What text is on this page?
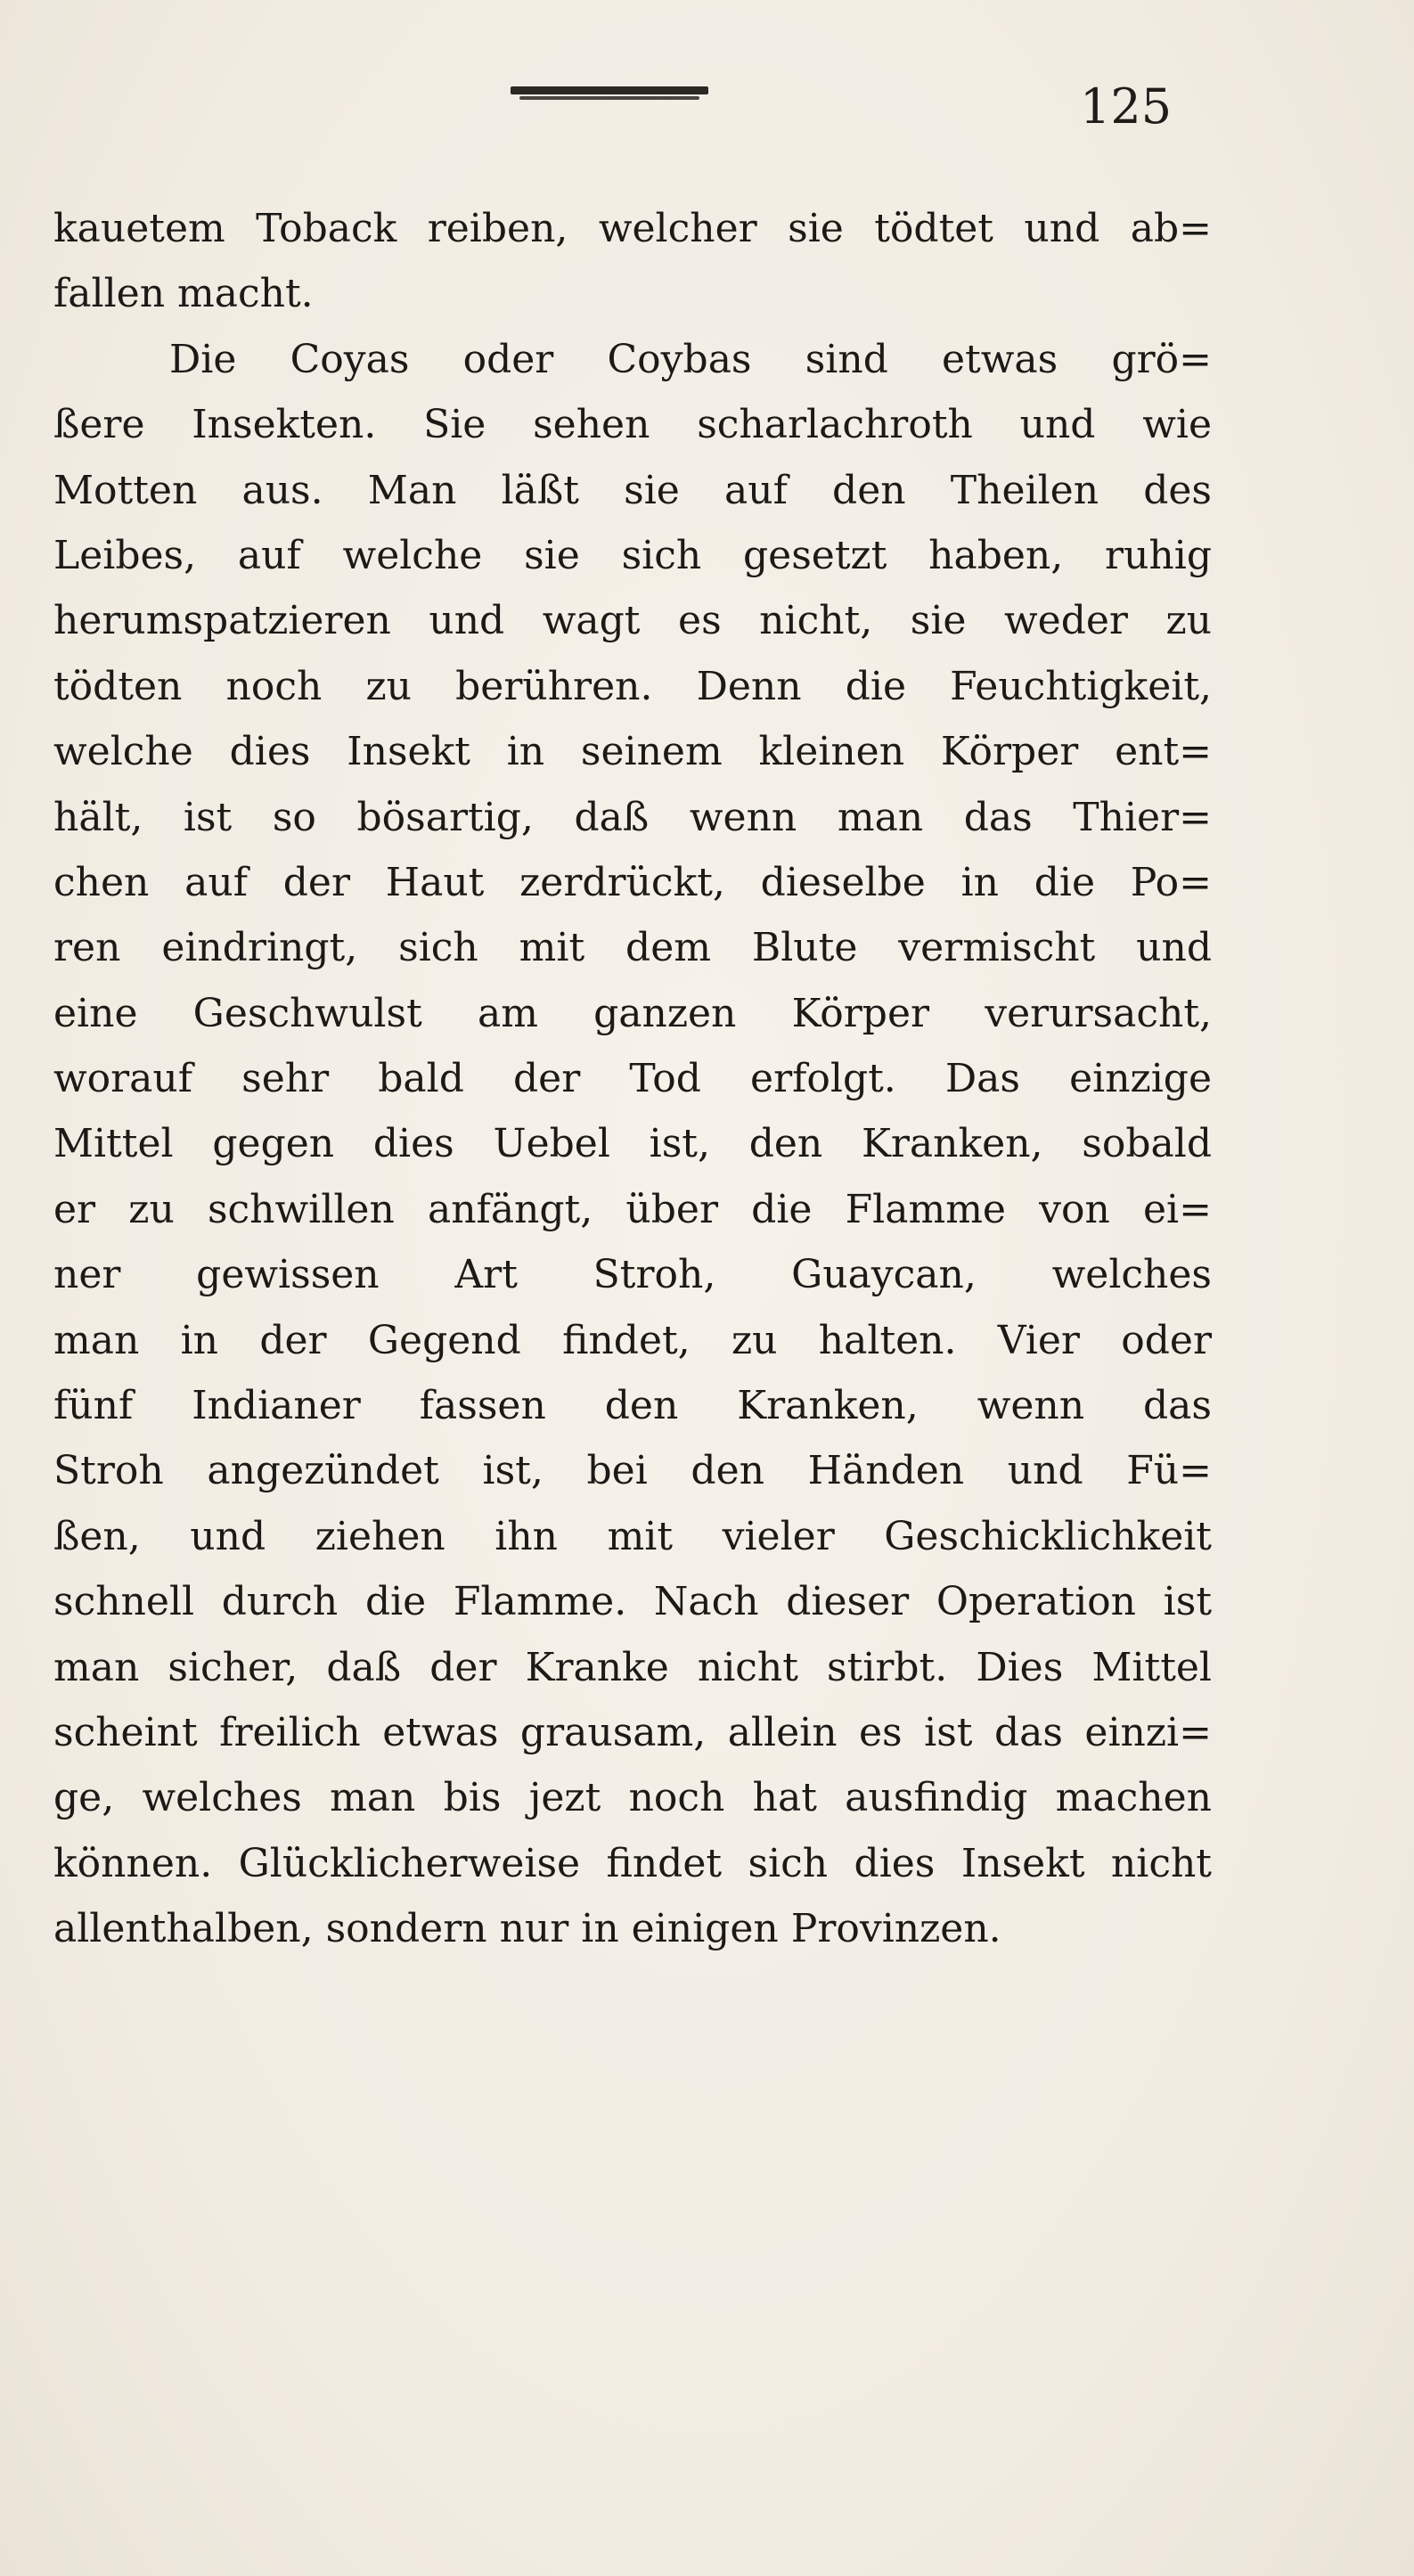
125
kauetem Toback reiben, welcher sie tödtet und ab=
fallen macht.
Die Coyas oder Coybas sind etwas grö=
ßere Insekten. Sie sehen scharlachroth und wie
Motten aus. Man läßt sie auf den Theilen des
Leibes, auf welche sie sich gesetzt haben, ruhig
herumspatzieren und wagt es nicht, sie weder zu
tödten noch zu berühren. Denn die Feuchtigkeit,
welche dies Insekt in seinem kleinen Körper ent=
hält, ist so bösartig, daß wenn man das Thier=
chen auf der Haut zerdrückt, dieselbe in die Po=
ren eindringt, sich mit dem Blute vermischt und
eine Geschwulst am ganzen Körper verursacht,
worauf sehr bald der Tod erfolgt. Das einzige
Mittel gegen dies Uebel ist, den Kranken, sobald
er zu schwillen anfängt, über die Flamme von ei=
ner gewissen Art Stroh, Guaycan, welches
man in der Gegend findet, zu halten. Vier oder
fünf Indianer fassen den Kranken, wenn das
Stroh angezündet ist, bei den Händen und Fü=
ßen, und ziehen ihn mit vieler Geschicklichkeit
schnell durch die Flamme. Nach dieser Operation ist
man sicher, daß der Kranke nicht stirbt. Dies Mittel
scheint freilich etwas grausam, allein es ist das einzi=
ge, welches man bis jezt noch hat ausfindig machen
können. Glücklicherweise findet sich dies Insekt nicht
allenthalben, sondern nur in einigen Provinzen.
